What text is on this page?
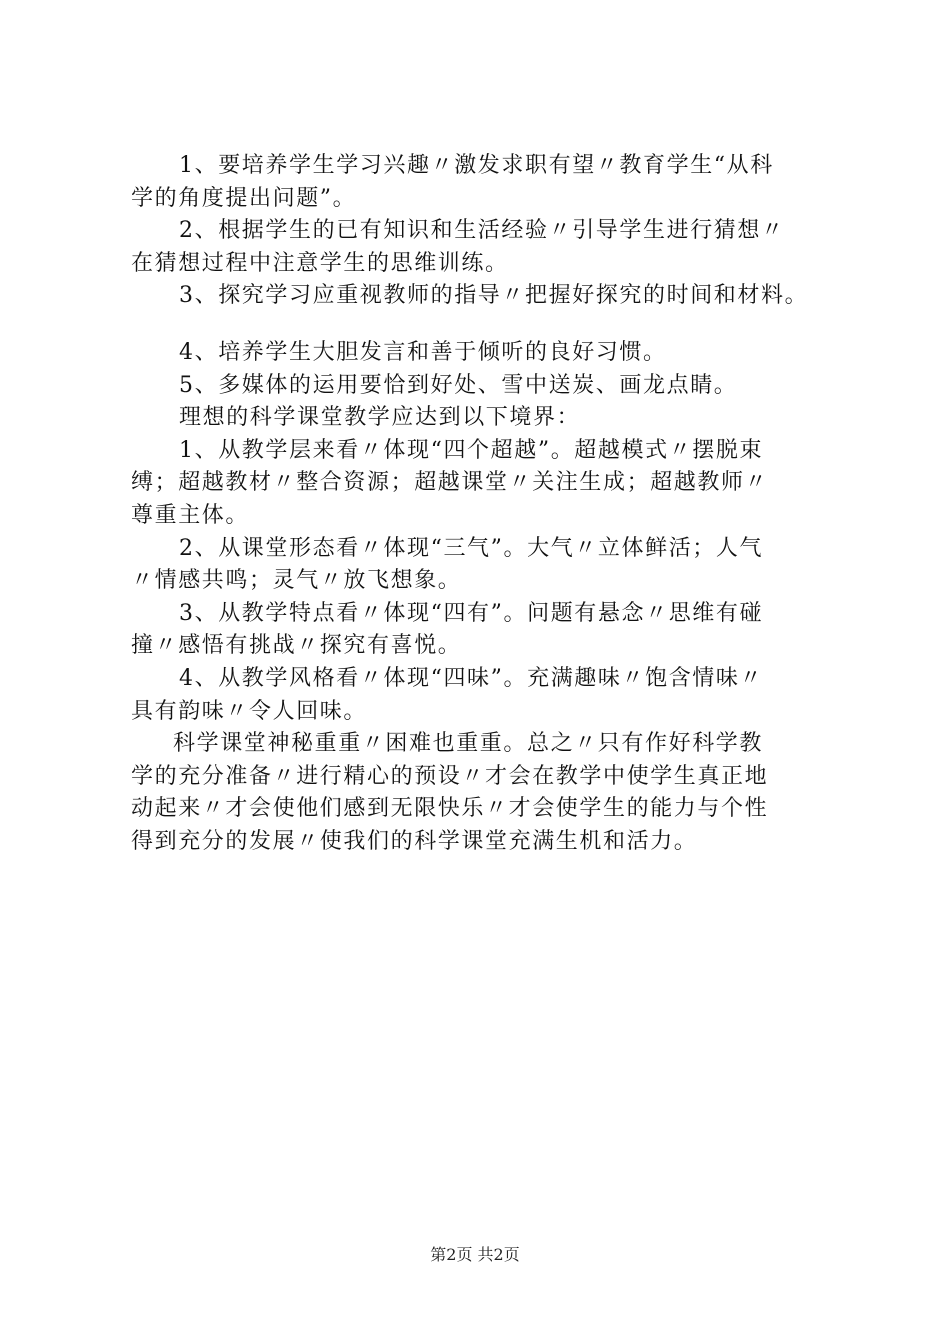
1、要培养学生学习兴趣〃激发求职有望〃教育学生“从科
学的角度提出问题”。
2、根据学生的已有知识和生活经验〃引导学生进行猜想〃
在猜想过程中注意学生的思维训练。
3、探究学习应重视教师的指导〃把握好探究的时间和材料。
4、培养学生大胆发言和善于倾听的良好习惯。
5、多媒体的运用要恰到好处、雪中送炭、画龙点睛。
理想的科学课堂教学应达到以下境界：
1、从教学层来看〃体现“四个超越”。超越模式〃摆脱束
缚；超越教材〃整合资源；超越课堂〃关注生成；超越教师〃
尊重主体。
2、从课堂形态看〃体现“三气”。大气〃立体鲜活；人气
〃情感共鸣；灵气〃放飞想象。
3、从教学特点看〃体现“四有”。问题有悬念〃思维有碰
撞〃感悟有挑战〃探究有喜悦。
4、从教学风格看〃体现“四味”。充满趣味〃饱含情味〃
具有韵味〃令人回味。
科学课堂神秘重重〃困难也重重。总之〃只有作好科学教
学的充分准备〃进行精心的预设〃才会在教学中使学生真正地
动起来〃才会使他们感到无限快乐〃才会使学生的能力与个性
得到充分的发展〃使我们的科学课堂充满生机和活力。
第2页 共2页
